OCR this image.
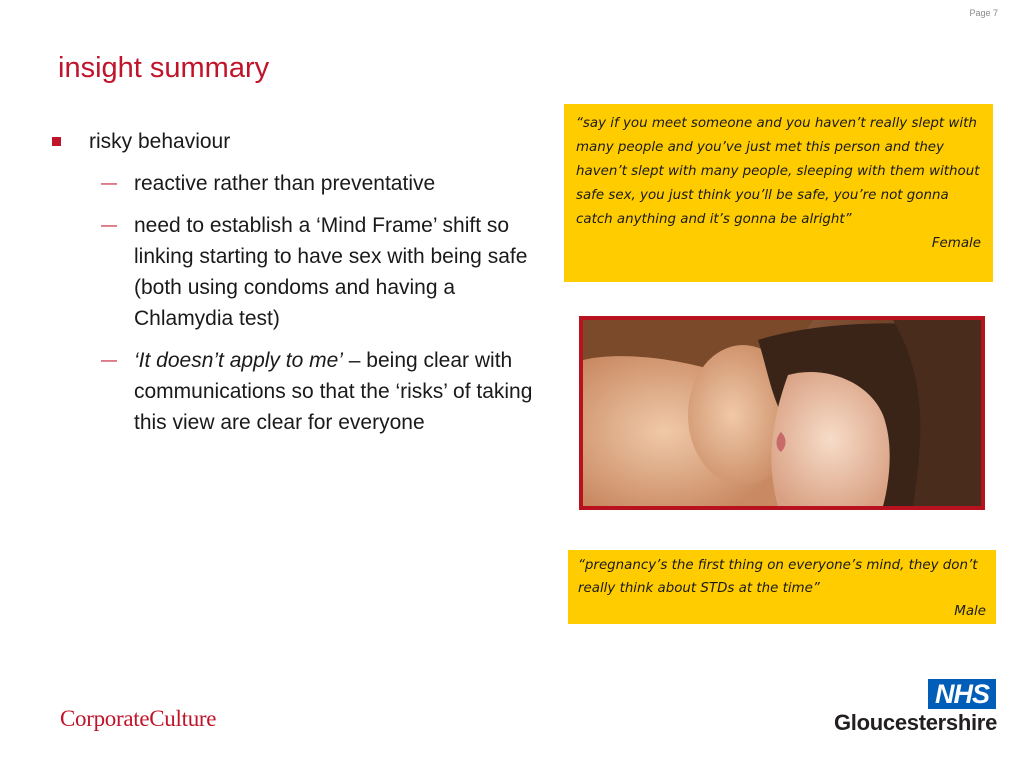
Page 7
insight summary
risky behaviour
— reactive rather than preventative
— need to establish a ‘Mind Frame’ shift so linking starting to have sex with being safe (both using condoms and having a Chlamydia test)
— ‘It doesn’t apply to me’ – being clear with communications so that the ‘risks’ of taking this view are clear for everyone
“say if you meet someone and you haven’t really slept with many people and you’ve just met this person and they haven’t slept with many people, sleeping with them without safe sex, you just think you’ll be safe, you’re not gonna catch anything and it’s gonna be alright”
Female
“pregnancy’s the first thing on everyone’s mind, they don’t really think about STDs at the time”
Male
CorporateCulture
NHS
Gloucestershire
